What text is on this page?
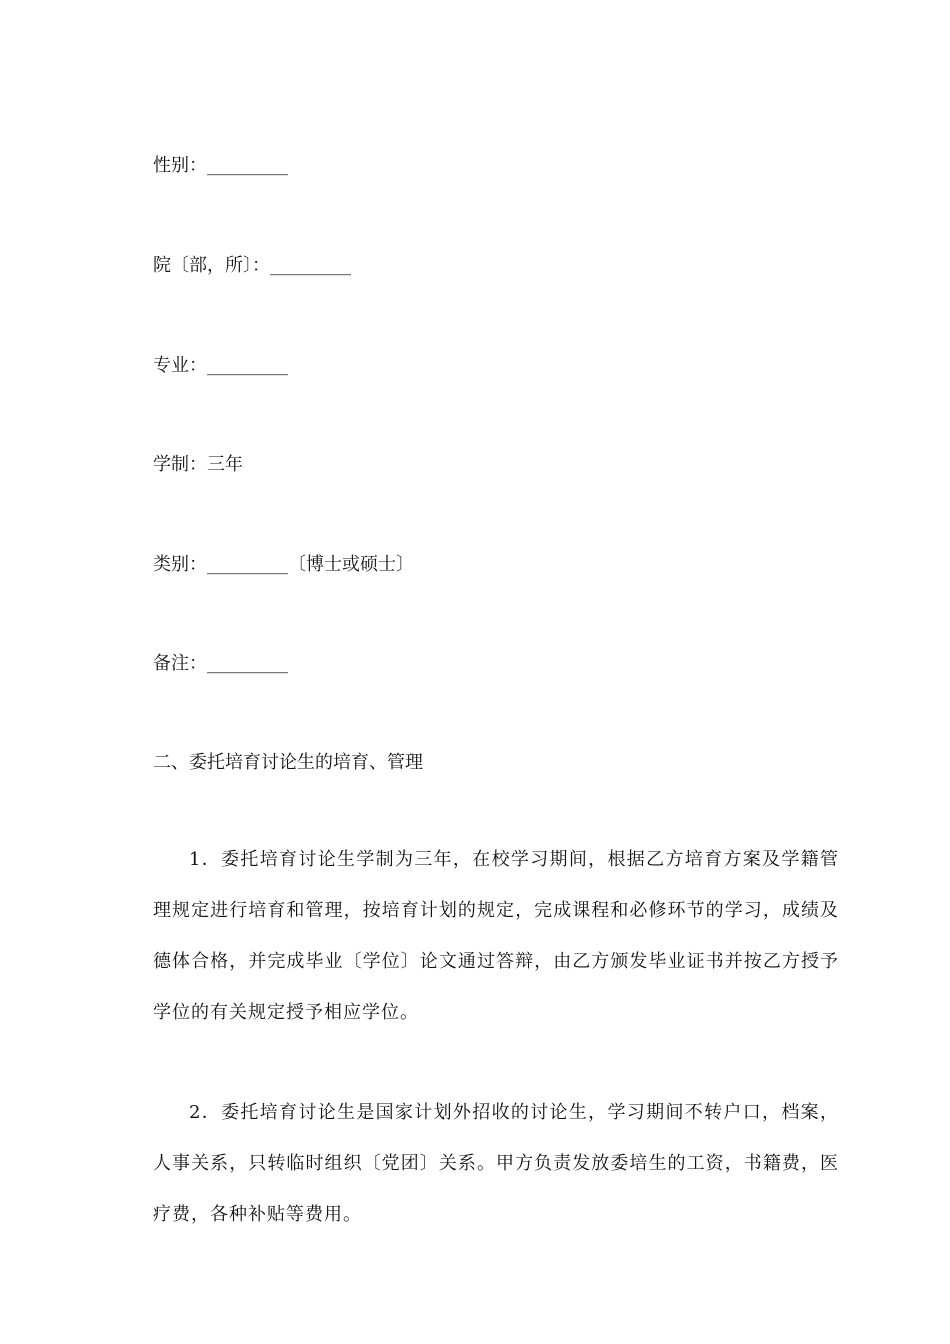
性别：_________
院〔部，所〕：_________
专业：_________
学制：三年
类别：_________〔博士或硕士〕
备注：_________
二、委托培育讨论生的培育、管理
1．委托培育讨论生学制为三年，在校学习期间，根据乙方培育方案及学籍管理规定进行培育和管理，按培育计划的规定，完成课程和必修环节的学习，成绩及德体合格，并完成毕业〔学位〕论文通过答辩，由乙方颁发毕业证书并按乙方授予学位的有关规定授予相应学位。
2．委托培育讨论生是国家计划外招收的讨论生，学习期间不转户口，档案，人事关系，只转临时组织〔党团〕关系。甲方负责发放委培生的工资，书籍费，医疗费，各种补贴等费用。
